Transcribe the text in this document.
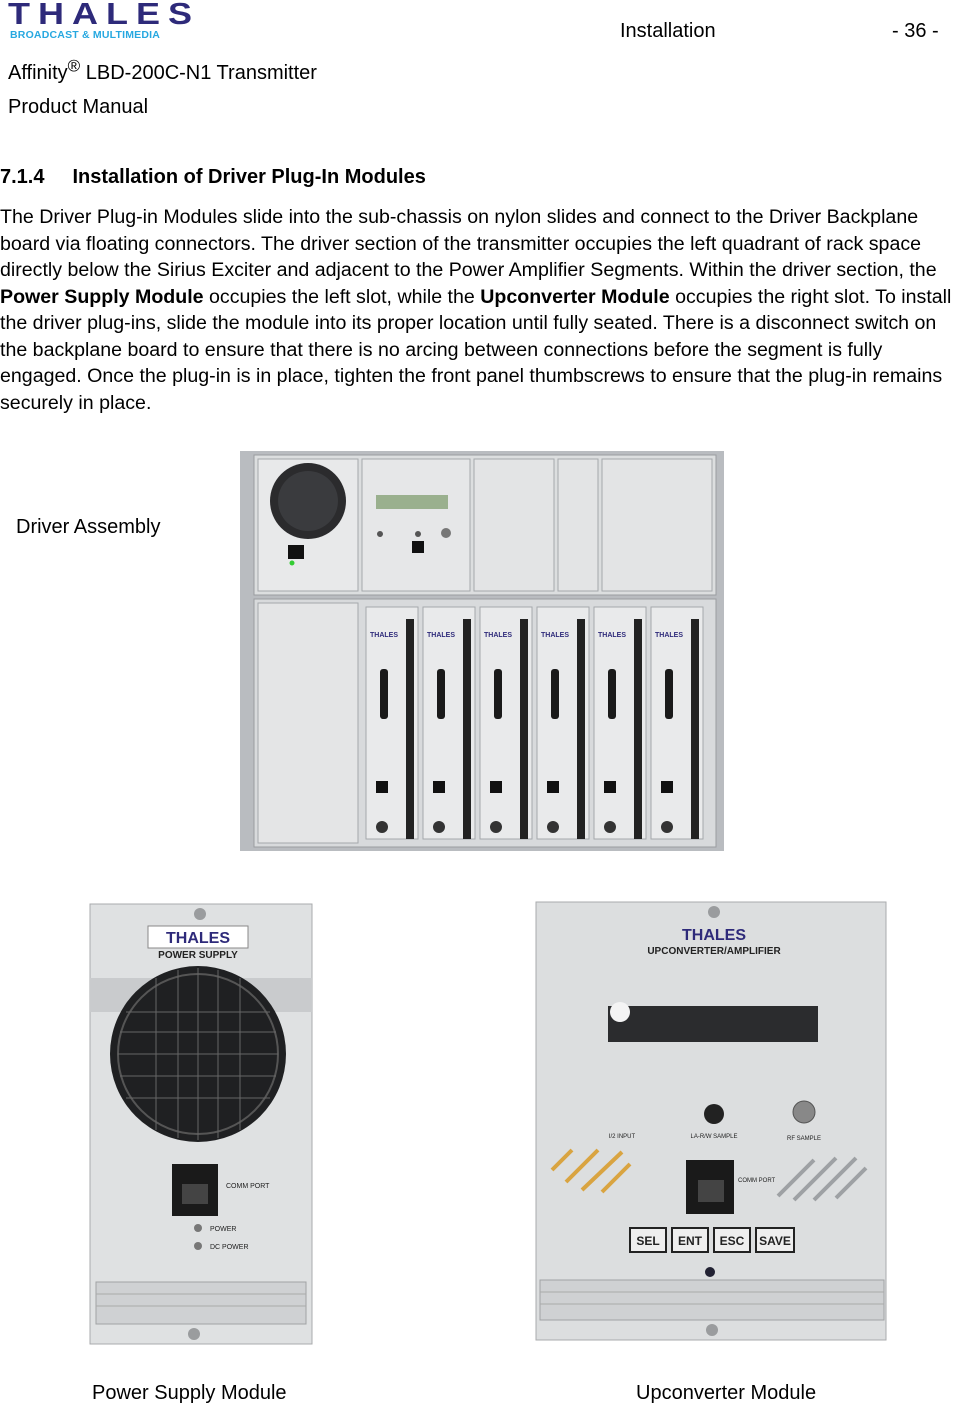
THALES
BROADCAST & MULTIMEDIA	Installation	- 36 -
Affinity® LBD-200C-N1 Transmitter
Product Manual
7.1.4 Installation of Driver Plug-In Modules
The Driver Plug-in Modules slide into the sub-chassis on nylon slides and connect to the Driver Backplane board via floating connectors. The driver section of the transmitter occupies the left quadrant of rack space directly below the Sirius Exciter and adjacent to the Power Amplifier Segments. Within the driver section, the Power Supply Module occupies the left slot, while the Upconverter Module occupies the right slot. To install the driver plug-ins, slide the module into its proper location until fully seated. There is a disconnect switch on the backplane board to ensure that there is no arcing between connections before the segment is fully engaged. Once the plug-in is in place, tighten the front panel thumbscrews to ensure that the plug-in remains securely in place.
Driver Assembly
THALES	THALES	THALES	THALES	THALES	THALES
THALES
POWER SUPPLY
COMM PORT
POWER
DC POWER
THALES
UPCONVERTER/AMPLIFIER
I/2 INPUT	LA-R/W SAMPLE	RF SAMPLE
COMM PORT
SEL ENT ESC SAVE
Power Supply Module	Upconverter Module
